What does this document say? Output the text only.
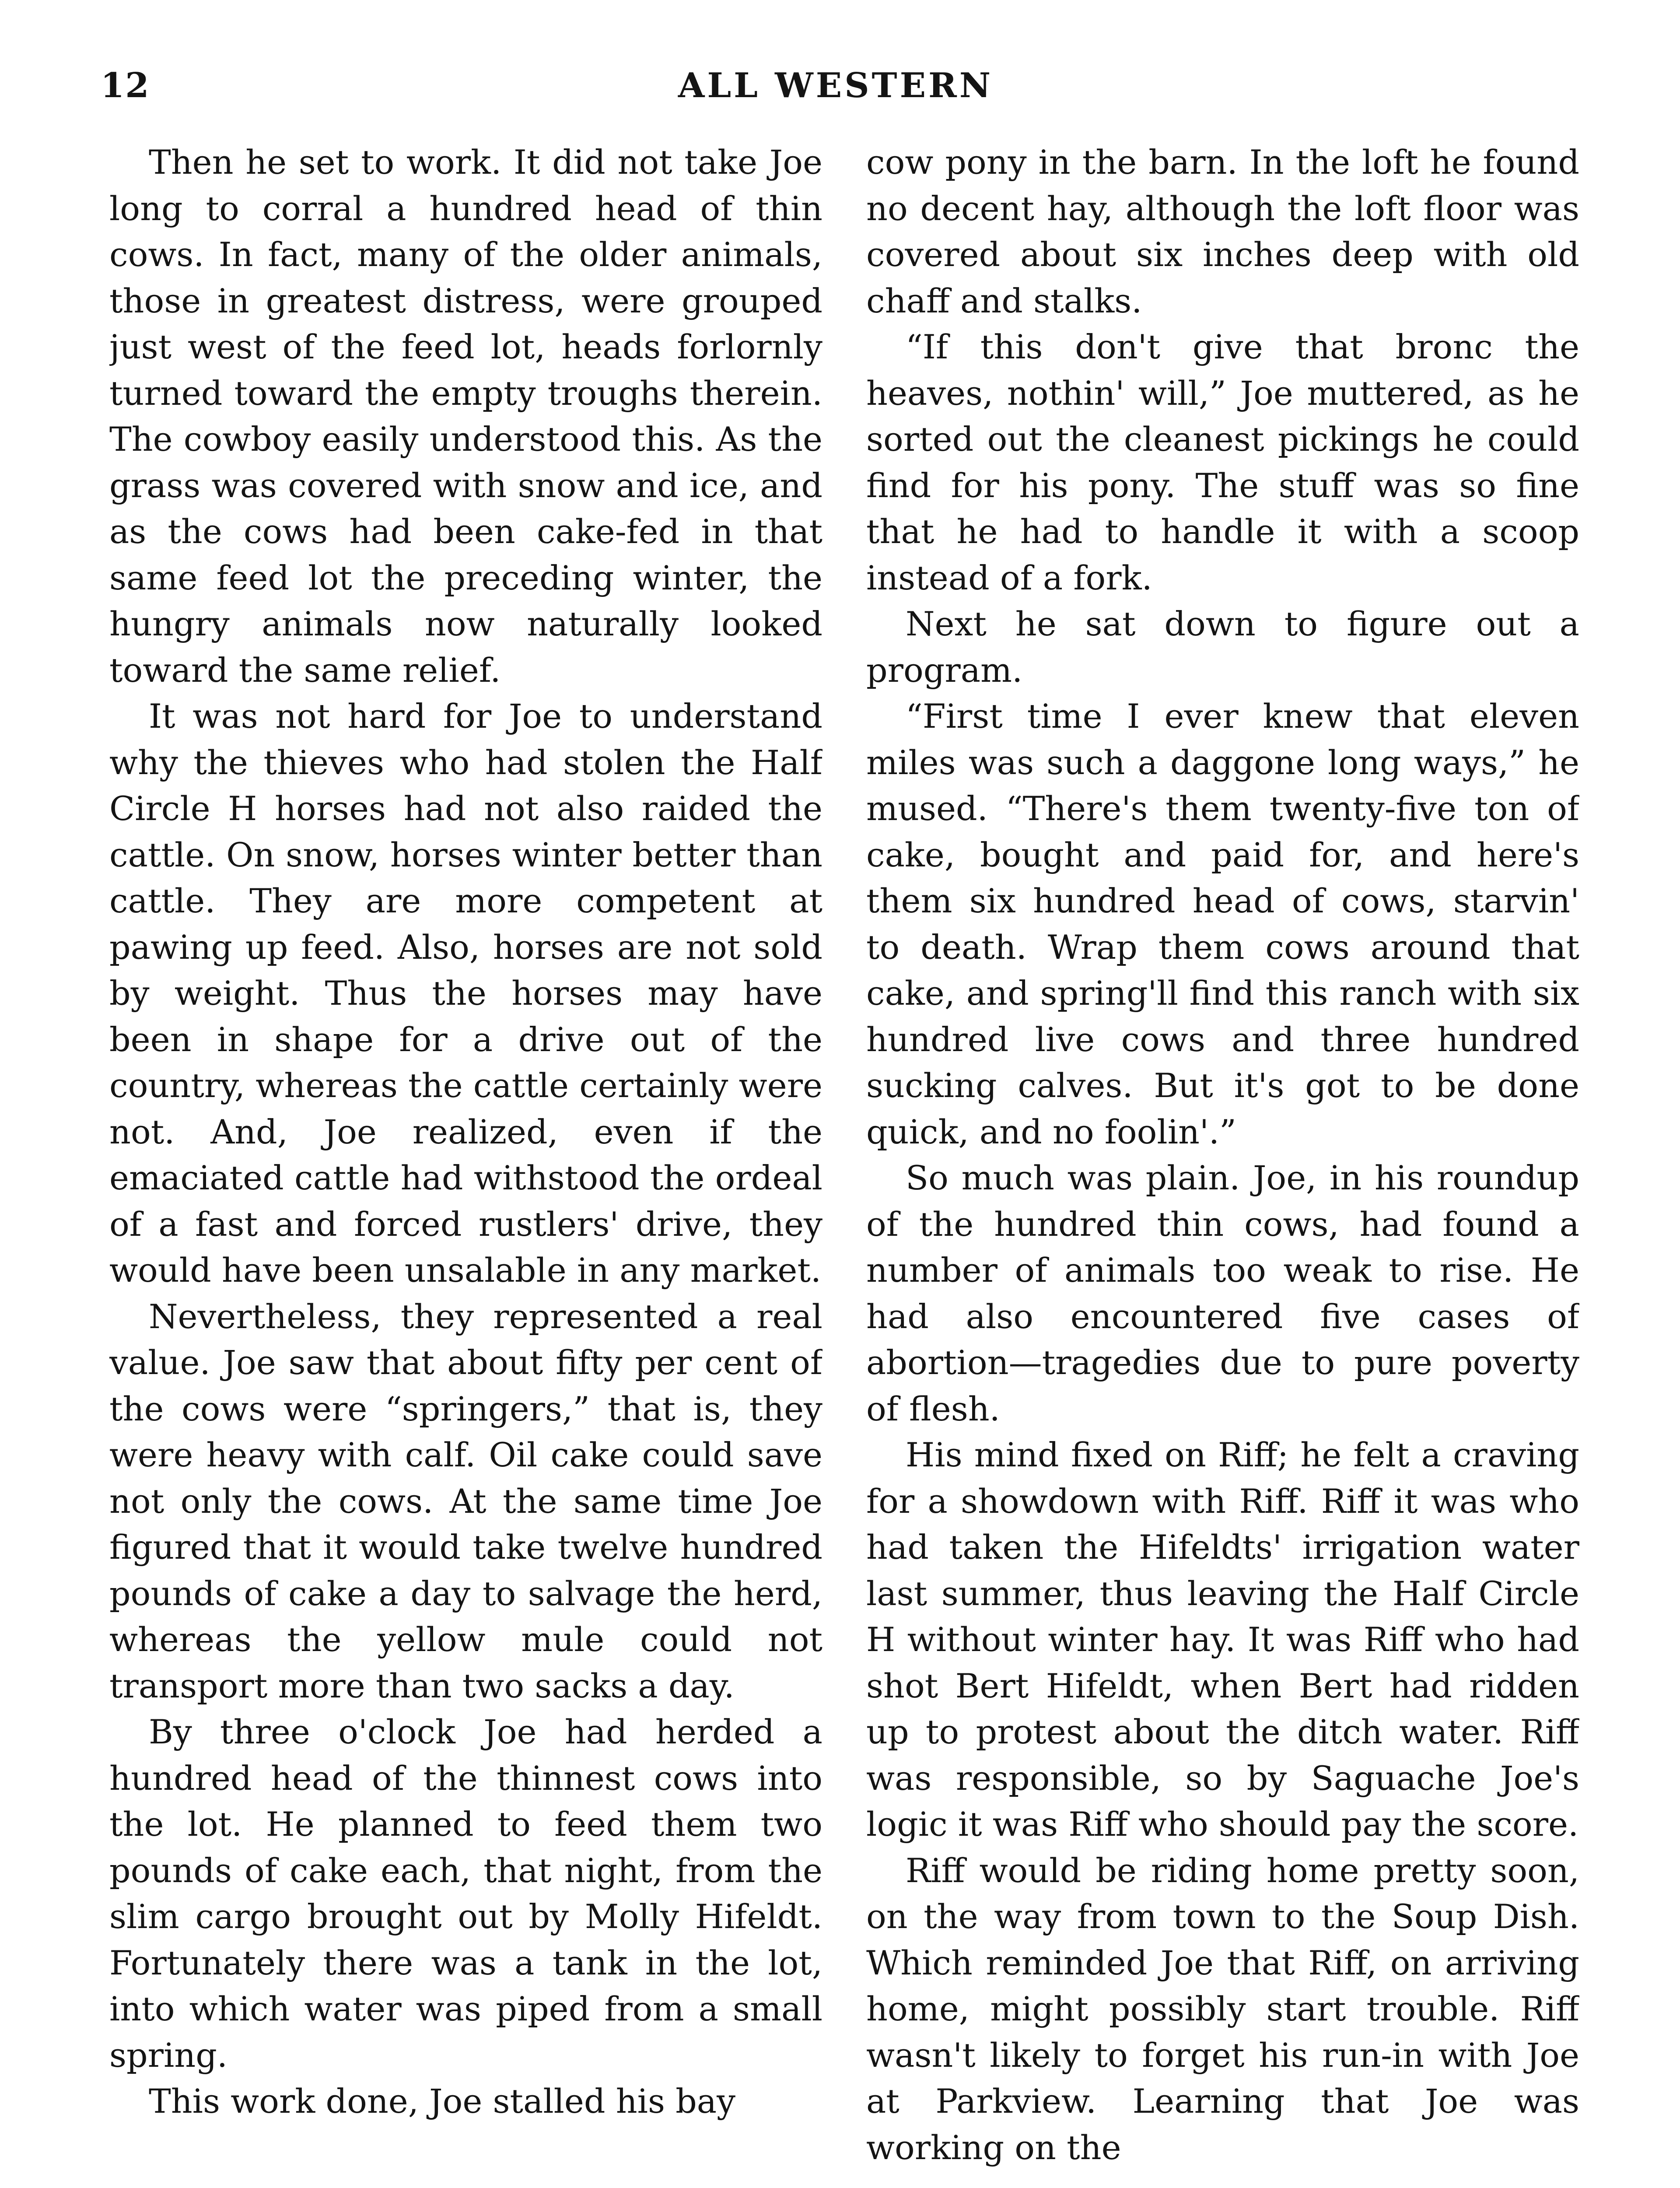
12	ALL WESTERN

Then he set to work. It did not take Joe long to corral a hundred head of thin cows. In fact, many of the older animals, those in greatest distress, were grouped just west of the feed lot, heads forlornly turned toward the empty troughs therein. The cowboy easily understood this. As the grass was covered with snow and ice, and as the cows had been cake-fed in that same feed lot the preceding winter, the hungry animals now naturally looked toward the same relief.

It was not hard for Joe to understand why the thieves who had stolen the Half Circle H horses had not also raided the cattle. On snow, horses winter better than cattle. They are more competent at pawing up feed. Also, horses are not sold by weight. Thus the horses may have been in shape for a drive out of the country, whereas the cattle certainly were not. And, Joe realized, even if the emaciated cattle had withstood the ordeal of a fast and forced rustlers' drive, they would have been unsalable in any market.

Nevertheless, they represented a real value. Joe saw that about fifty per cent of the cows were “springers,” that is, they were heavy with calf. Oil cake could save not only the cows. At the same time Joe figured that it would take twelve hundred pounds of cake a day to salvage the herd, whereas the yellow mule could not transport more than two sacks a day.

By three o'clock Joe had herded a hundred head of the thinnest cows into the lot. He planned to feed them two pounds of cake each, that night, from the slim cargo brought out by Molly Hifeldt. Fortunately there was a tank in the lot, into which water was piped from a small spring.

This work done, Joe stalled his bay

cow pony in the barn. In the loft he found no decent hay, although the loft floor was covered about six inches deep with old chaff and stalks.

“If this don't give that bronc the heaves, nothin' will,” Joe muttered, as he sorted out the cleanest pickings he could find for his pony. The stuff was so fine that he had to handle it with a scoop instead of a fork.

Next he sat down to figure out a program.

“First time I ever knew that eleven miles was such a daggone long ways,” he mused. “There's them twenty-five ton of cake, bought and paid for, and here's them six hundred head of cows, starvin' to death. Wrap them cows around that cake, and spring'll find this ranch with six hundred live cows and three hundred sucking calves. But it's got to be done quick, and no foolin'.”

So much was plain. Joe, in his roundup of the hundred thin cows, had found a number of animals too weak to rise. He had also encountered five cases of abortion—tragedies due to pure poverty of flesh.

His mind fixed on Riff; he felt a craving for a showdown with Riff. Riff it was who had taken the Hifeldts' irrigation water last summer, thus leaving the Half Circle H without winter hay. It was Riff who had shot Bert Hifeldt, when Bert had ridden up to protest about the ditch water. Riff was responsible, so by Saguache Joe's logic it was Riff who should pay the score.

Riff would be riding home pretty soon, on the way from town to the Soup Dish. Which reminded Joe that Riff, on arriving home, might possibly start trouble. Riff wasn't likely to forget his run-in with Joe at Parkview. Learning that Joe was working on the
